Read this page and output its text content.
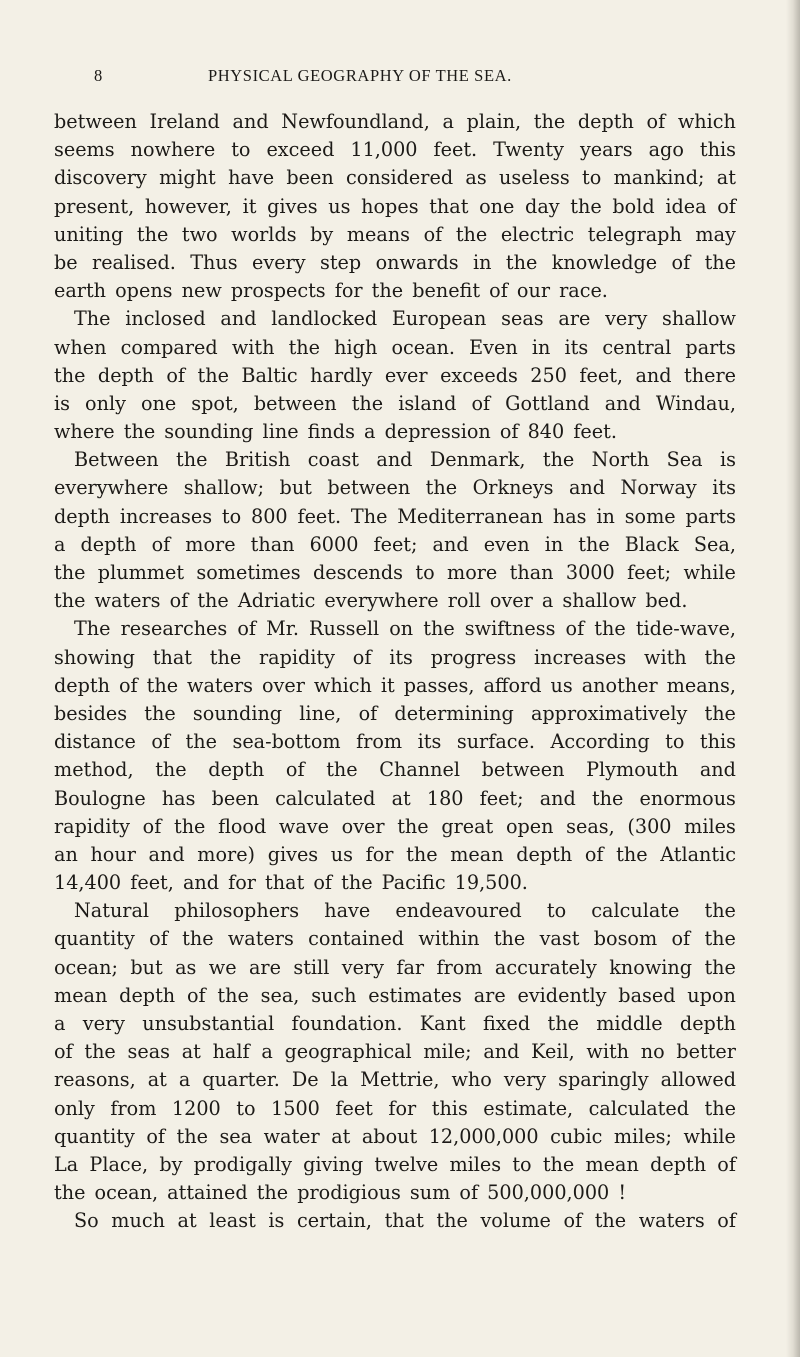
8	PHYSICAL GEOGRAPHY OF THE SEA.
between Ireland and Newfoundland, a plain, the depth of which
seems nowhere to exceed 11,000 feet. Twenty years ago this
discovery might have been considered as useless to mankind; at
present, however, it gives us hopes that one day the bold idea of
uniting the two worlds by means of the electric telegraph may
be realised. Thus every step onwards in the knowledge of the
earth opens new prospects for the benefit of our race.
The inclosed and landlocked European seas are very shallow
when compared with the high ocean. Even in its central parts
the depth of the Baltic hardly ever exceeds 250 feet, and there
is only one spot, between the island of Gottland and Windau,
where the sounding line finds a depression of 840 feet.
Between the British coast and Denmark, the North Sea is
everywhere shallow; but between the Orkneys and Norway its
depth increases to 800 feet. The Mediterranean has in some parts
a depth of more than 6000 feet; and even in the Black Sea,
the plummet sometimes descends to more than 3000 feet; while
the waters of the Adriatic everywhere roll over a shallow bed.
The researches of Mr. Russell on the swiftness of the tide-wave,
showing that the rapidity of its progress increases with the
depth of the waters over which it passes, afford us another means,
besides the sounding line, of determining approximatively the
distance of the sea-bottom from its surface. According to this
method, the depth of the Channel between Plymouth and
Boulogne has been calculated at 180 feet; and the enormous
rapidity of the flood wave over the great open seas, (300 miles
an hour and more) gives us for the mean depth of the Atlantic
14,400 feet, and for that of the Pacific 19,500.
Natural philosophers have endeavoured to calculate the
quantity of the waters contained within the vast bosom of the
ocean; but as we are still very far from accurately knowing the
mean depth of the sea, such estimates are evidently based upon
a very unsubstantial foundation. Kant fixed the middle depth
of the seas at half a geographical mile; and Keil, with no better
reasons, at a quarter. De la Mettrie, who very sparingly allowed
only from 1200 to 1500 feet for this estimate, calculated the
quantity of the sea water at about 12,000,000 cubic miles; while
La Place, by prodigally giving twelve miles to the mean depth of
the ocean, attained the prodigious sum of 500,000,000 !
So much at least is certain, that the volume of the waters of
